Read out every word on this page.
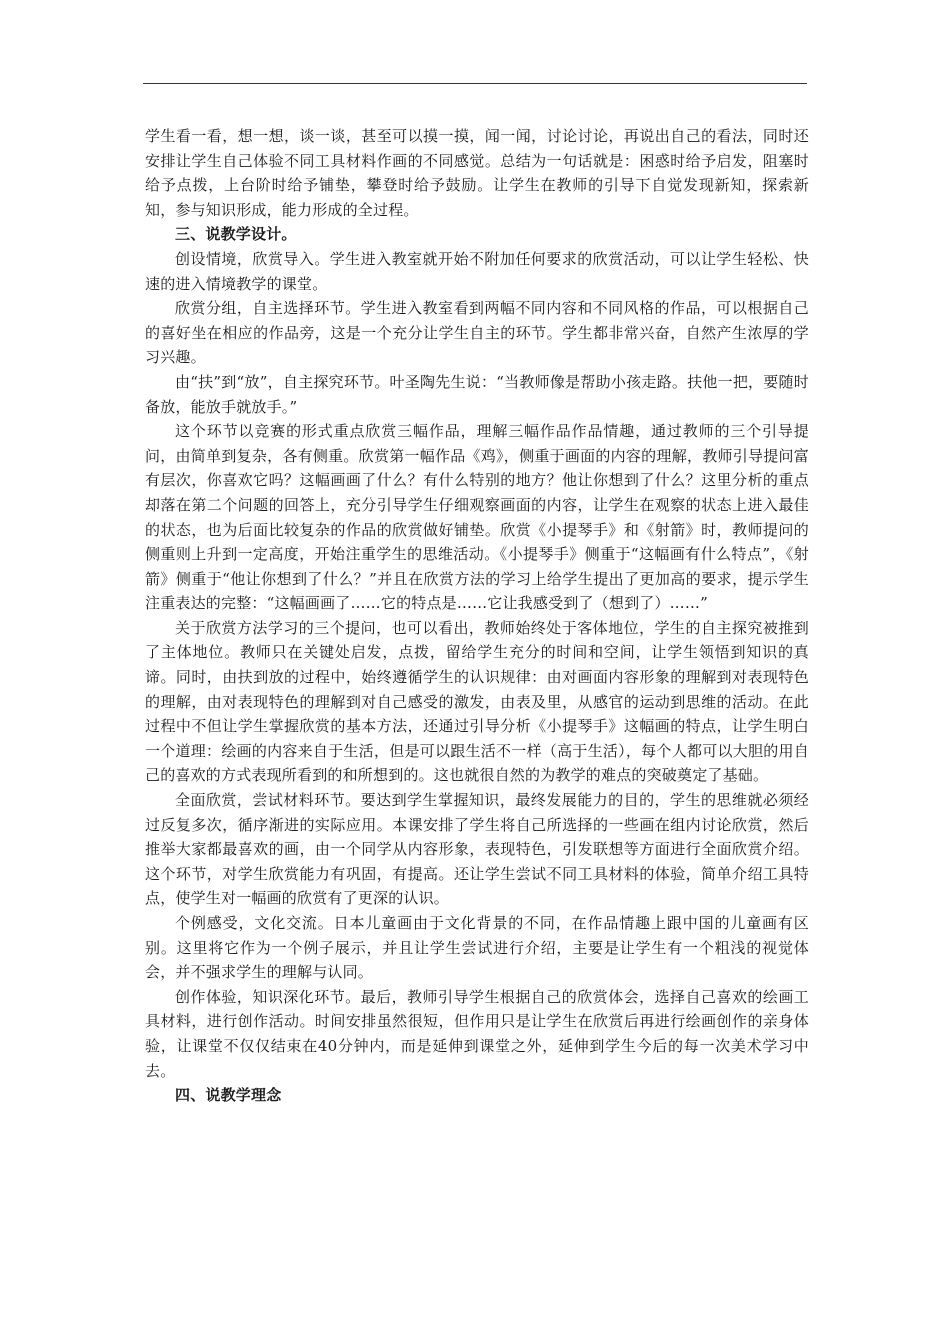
学生看一看，想一想，谈一谈，甚至可以摸一摸，闻一闻，讨论讨论，再说出自己的看法，同时还安排让学生自己体验不同工具材料作画的不同感觉。总结为一句话就是：困惑时给予启发，阻塞时给予点拨，上台阶时给予铺垫，攀登时给予鼓励。让学生在教师的引导下自觉发现新知，探索新知，参与知识形成，能力形成的全过程。

三、说教学设计。

创设情境，欣赏导入。学生进入教室就开始不附加任何要求的欣赏活动，可以让学生轻松、快速的进入情境教学的课堂。

欣赏分组，自主选择环节。学生进入教室看到两幅不同内容和不同风格的作品，可以根据自己的喜好坐在相应的作品旁，这是一个充分让学生自主的环节。学生都非常兴奋，自然产生浓厚的学习兴趣。

由“扶”到“放”，自主探究环节。叶圣陶先生说：“当教师像是帮助小孩走路。扶他一把，要随时备放，能放手就放手。”

这个环节以竞赛的形式重点欣赏三幅作品，理解三幅作品作品情趣，通过教师的三个引导提问，由简单到复杂，各有侧重。欣赏第一幅作品《鸡》，侧重于画面的内容的理解，教师引导提问富有层次，你喜欢它吗？这幅画画了什么？有什么特别的地方？他让你想到了什么？这里分析的重点却落在第二个问题的回答上，充分引导学生仔细观察画面的内容，让学生在观察的状态上进入最佳的状态，也为后面比较复杂的作品的欣赏做好铺垫。欣赏《小提琴手》和《射箭》时，教师提问的侧重则上升到一定高度，开始注重学生的思维活动。《小提琴手》侧重于“这幅画有什么特点”，《射箭》侧重于“他让你想到了什么？”并且在欣赏方法的学习上给学生提出了更加高的要求，提示学生注重表达的完整：“这幅画画了……它的特点是……它让我感受到了（想到了）……”

关于欣赏方法学习的三个提问，也可以看出，教师始终处于客体地位，学生的自主探究被推到了主体地位。教师只在关键处启发，点拨，留给学生充分的时间和空间，让学生领悟到知识的真谛。同时，由扶到放的过程中，始终遵循学生的认识规律：由对画面内容形象的理解到对表现特色的理解，由对表现特色的理解到对自己感受的激发，由表及里，从感官的运动到思维的活动。在此过程中不但让学生掌握欣赏的基本方法，还通过引导分析《小提琴手》这幅画的特点，让学生明白一个道理：绘画的内容来自于生活，但是可以跟生活不一样（高于生活），每个人都可以大胆的用自己的喜欢的方式表现所看到的和所想到的。这也就很自然的为教学的难点的突破奠定了基础。

全面欣赏，尝试材料环节。要达到学生掌握知识，最终发展能力的目的，学生的思维就必须经过反复多次，循序渐进的实际应用。本课安排了学生将自己所选择的一些画在组内讨论欣赏，然后推举大家都最喜欢的画，由一个同学从内容形象，表现特色，引发联想等方面进行全面欣赏介绍。这个环节，对学生欣赏能力有巩固，有提高。还让学生尝试不同工具材料的体验，简单介绍工具特点，使学生对一幅画的欣赏有了更深的认识。

个例感受，文化交流。日本儿童画由于文化背景的不同，在作品情趣上跟中国的儿童画有区别。这里将它作为一个例子展示，并且让学生尝试进行介绍，主要是让学生有一个粗浅的视觉体会，并不强求学生的理解与认同。

创作体验，知识深化环节。最后，教师引导学生根据自己的欣赏体会，选择自己喜欢的绘画工具材料，进行创作活动。时间安排虽然很短，但作用只是让学生在欣赏后再进行绘画创作的亲身体验，让课堂不仅仅结束在40分钟内，而是延伸到课堂之外，延伸到学生今后的每一次美术学习中去。

四、说教学理念
